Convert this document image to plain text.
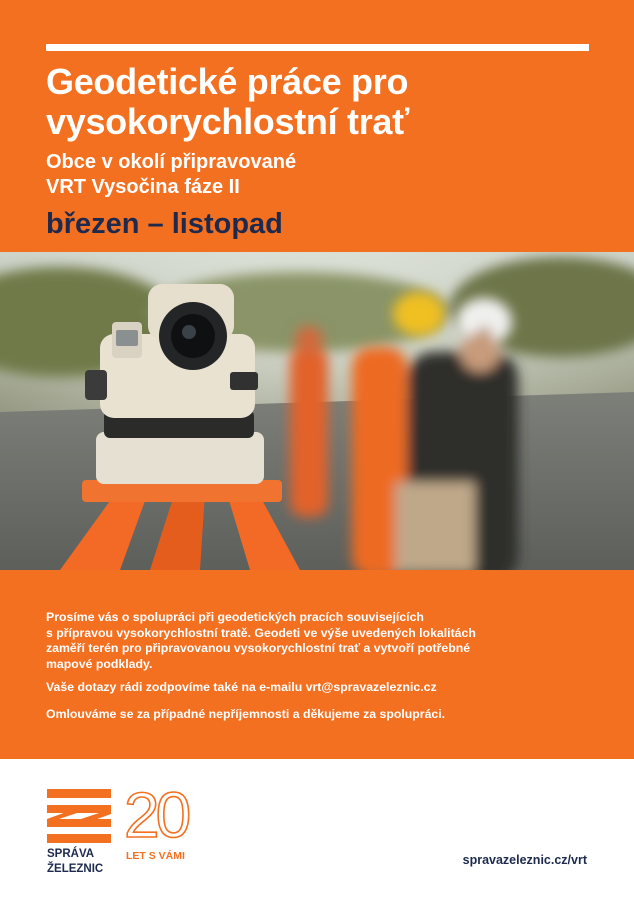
Geodetické práce pro
vysokorychlostní trať
Obce v okolí připravované
VRT Vysočina fáze II
březen – listopad

Prosíme vás o spolupráci při geodetických pracích souvisejících
s přípravou vysokorychlostní tratě. Geodeti ve výše uvedených lokalitách
zaměří terén pro připravovanou vysokorychlostní trať a vytvoří potřebné
mapové podklady.

Vaše dotazy rádi zodpovíme také na e-mailu vrt@spravazeleznic.cz

Omlouváme se za případné nepříjemnosti a děkujeme za spolupráci.

SPRÁVA
ŽELEZNIC
20
LET S VÁMI	spravazeleznic.cz/vrt
